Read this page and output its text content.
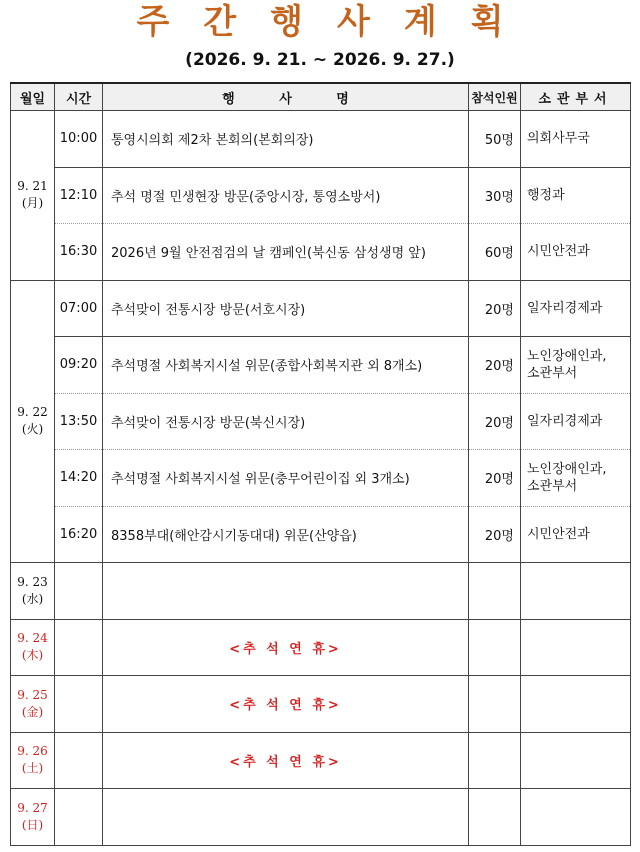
주간행사계획
(2026. 9. 21. ~ 2026. 9. 27.)
월일	시간	행 사 명	참석인원	소관부서

9. 21
(月)	10:00	통영시의회 제2차 본회의(본회의장)	50명	의회사무국

	12:10	추석 명절 민생현장 방문(중앙시장, 통영소방서)	30명	행정과

	16:30	2026년 9월 안전점검의 날 캠페인(북신동 삼성생명 앞)	60명	시민안전과

9. 22
(火)	07:00	추석맞이 전통시장 방문(서호시장)	20명	일자리경제과

	09:20	추석명절 사회복지시설 위문(종합사회복지관 외 8개소)	20명	노인장애인과,
소관부서

	13:50	추석맞이 전통시장 방문(북신시장)	20명	일자리경제과

	14:20	추석명절 사회복지시설 위문(충무어린이집 외 3개소)	20명	노인장애인과,
소관부서

	16:20	8358부대(해안감시기동대대) 위문(산양읍)	20명	시민안전과

9. 23
(水)				

9. 24
(木)		<추 석 연 휴>		

9. 25
(金)		<추 석 연 휴>		

9. 26
(土)		<추 석 연 휴>		

9. 27
(日)				
